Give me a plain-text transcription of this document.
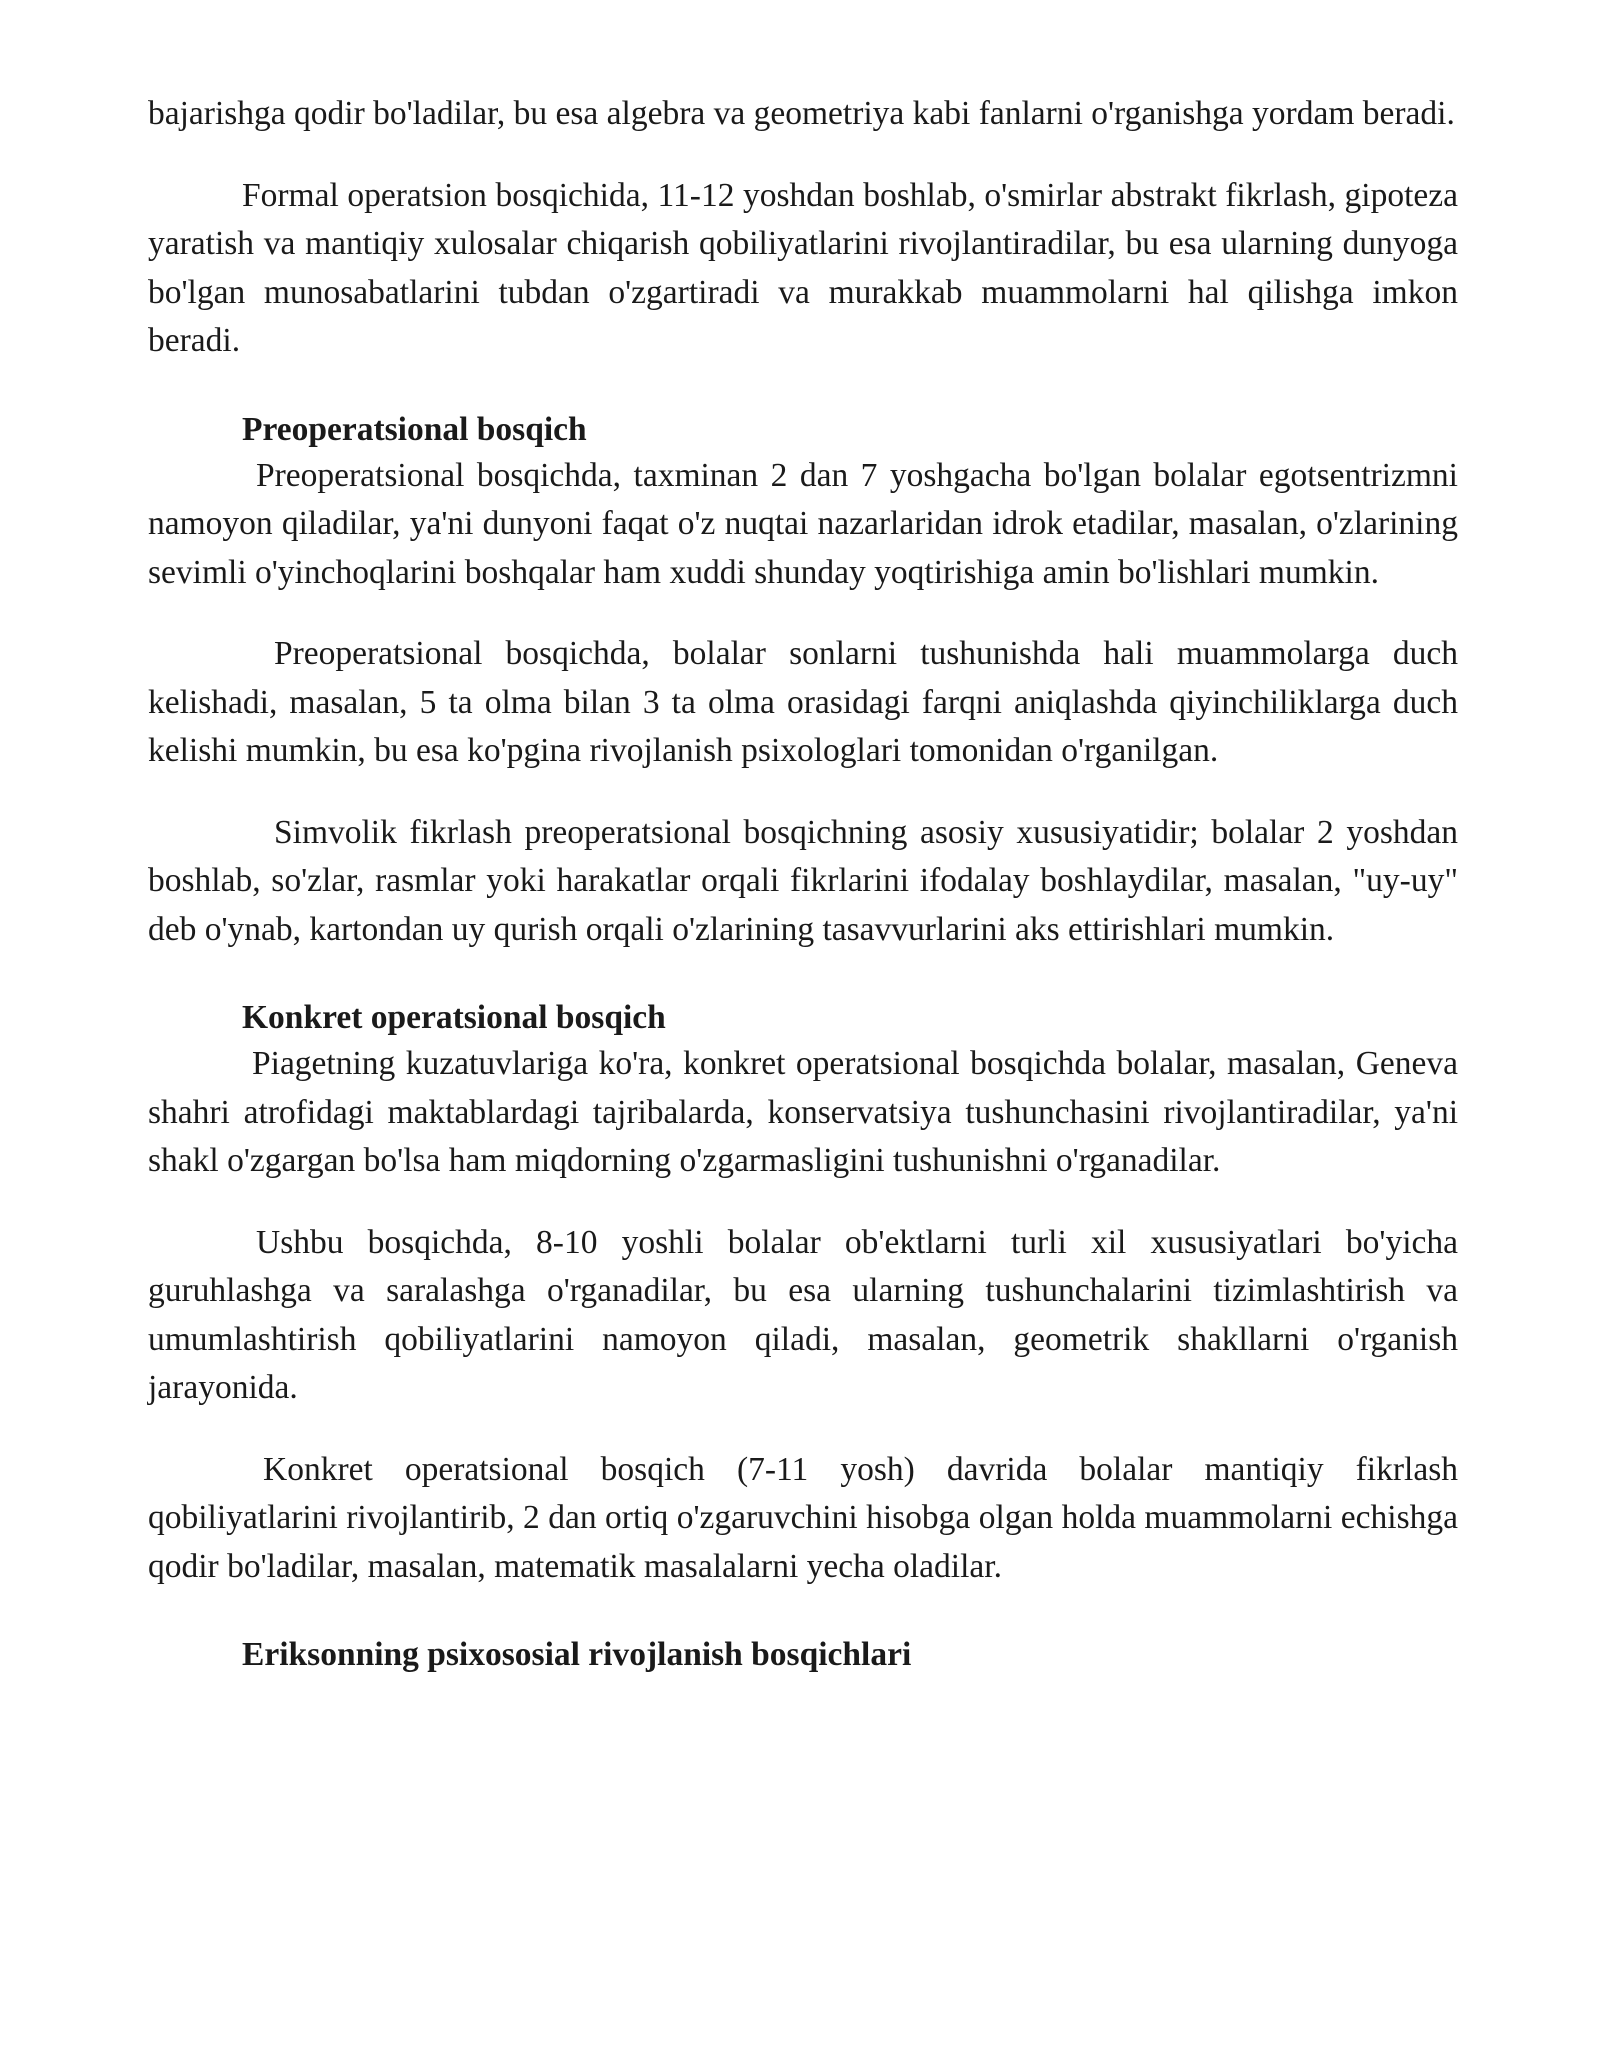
bajarishga qodir bo'ladilar, bu esa algebra va geometriya kabi fanlarni o'rganishga yordam beradi.

Formal operatsion bosqichida, 11-12 yoshdan boshlab, o'smirlar abstrakt fikrlash, gipoteza yaratish va mantiqiy xulosalar chiqarish qobiliyatlarini rivojlantiradilar, bu esa ularning dunyoga bo'lgan munosabatlarini tubdan o'zgartiradi va murakkab muammolarni hal qilishga imkon beradi.

Preoperatsional bosqich

Preoperatsional bosqichda, taxminan 2 dan 7 yoshgacha bo'lgan bolalar egotsentrizmni namoyon qiladilar, ya'ni dunyoni faqat o'z nuqtai nazarlaridan idrok etadilar, masalan, o'zlarining sevimli o'yinchoqlarini boshqalar ham xuddi shunday yoqtirishiga amin bo'lishlari mumkin.

Preoperatsional bosqichda, bolalar sonlarni tushunishda hali muammolarga duch kelishadi, masalan, 5 ta olma bilan 3 ta olma orasidagi farqni aniqlashda qiyinchiliklarga duch kelishi mumkin, bu esa ko'pgina rivojlanish psixologlari tomonidan o'rganilgan.

Simvolik fikrlash preoperatsional bosqichning asosiy xususiyatidir; bolalar 2 yoshdan boshlab, so'zlar, rasmlar yoki harakatlar orqali fikrlarini ifodalay boshlaydilar, masalan, "uy-uy" deb o'ynab, kartondan uy qurish orqali o'zlarining tasavvurlarini aks ettirishlari mumkin.

Konkret operatsional bosqich

Piagetning kuzatuvlariga ko'ra, konkret operatsional bosqichda bolalar, masalan, Geneva shahri atrofidagi maktablardagi tajribalarda, konservatsiya tushunchasini rivojlantiradilar, ya'ni shakl o'zgargan bo'lsa ham miqdorning o'zgarmasligini tushunishni o'rganadilar.

Ushbu bosqichda, 8-10 yoshli bolalar ob'ektlarni turli xil xususiyatlari bo'yicha guruhlashga va saralashga o'rganadilar, bu esa ularning tushunchalarini tizimlashtirish va umumlashtirish qobiliyatlarini namoyon qiladi, masalan, geometrik shakllarni o'rganish jarayonida.

Konkret operatsional bosqich (7-11 yosh) davrida bolalar mantiqiy fikrlash qobiliyatlarini rivojlantirib, 2 dan ortiq o'zgaruvchini hisobga olgan holda muammolarni echishga qodir bo'ladilar, masalan, matematik masalalarni yecha oladilar.

Eriksonning psixososial rivojlanish bosqichlari
